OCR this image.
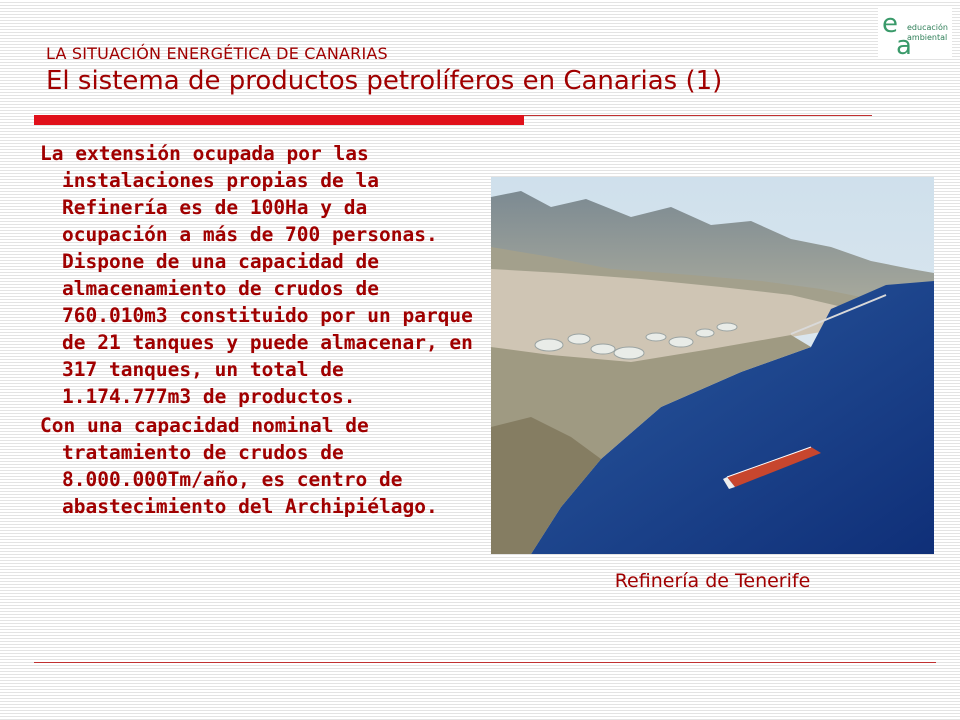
LA SITUACIÓN ENERGÉTICA DE CANARIAS
El sistema de productos petrolíferos en Canarias (1)
e
a
educación
ambiental

La extensión ocupada por las instalaciones propias de la Refinería es de 100Ha y da ocupación a más de 700 personas. Dispone de una capacidad de almacenamiento de crudos de 760.010m3 constituido por un parque de 21 tanques y puede almacenar, en 317 tanques, un total de 1.174.777m3 de productos.

Con una capacidad nominal de tratamiento de crudos de 8.000.000Tm/año, es centro de abastecimiento del Archipiélago.

Refinería de Tenerife
